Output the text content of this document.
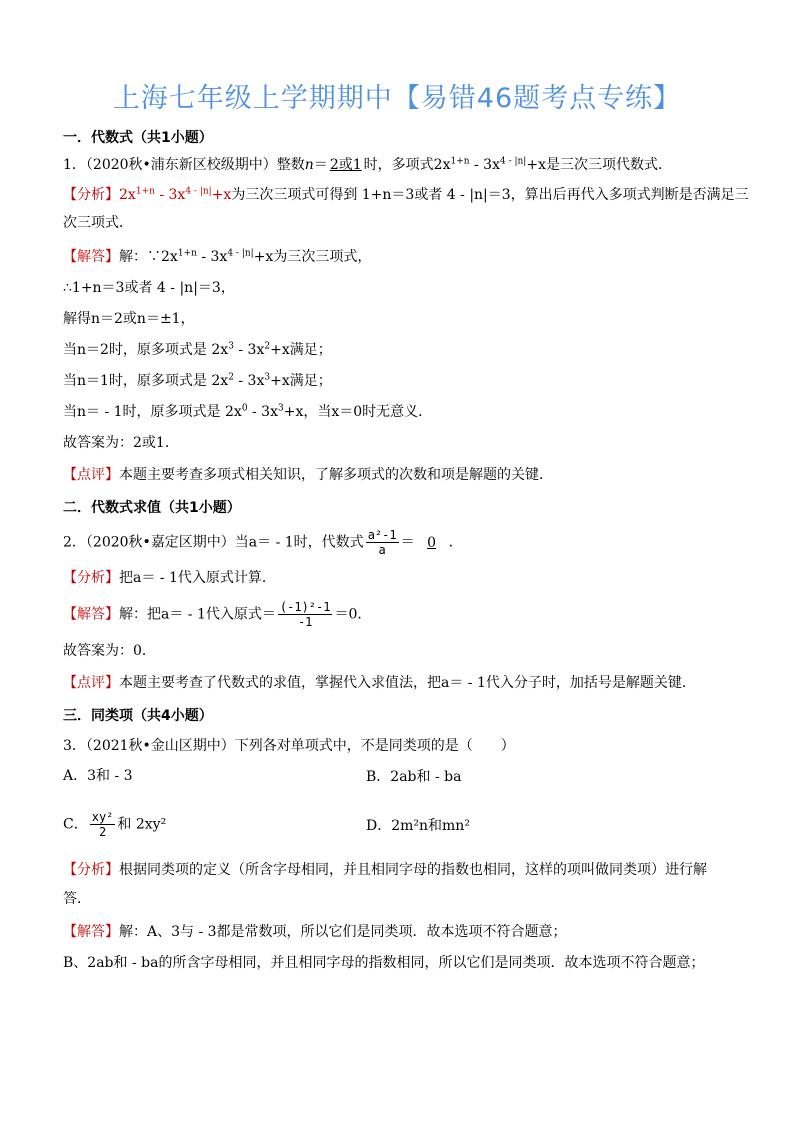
上海七年级上学期期中【易错46题考点专练】
一．代数式（共1小题）
1．（2020秋•浦东新区校级期中）整数n＝ 2或1 时，多项式$2x^{1+n} - 3x^{4 - |n|}+x$是三次三项代数式．
【分析】$2x^{1+n} - 3x^{4 - |n|}+x$为三次三项式可得到 1+n＝3或者 4 - |n|＝3，算出后再代入多项式判断是否满足三
次三项式．
【解答】解：$\because 2x^{1+n} - 3x^{4 - |n|}+x$为三次三项式，
∴1+n＝3或者 4 - |n|＝3，
解得n＝2或n＝±1，
当n＝2时，原多项式是 $2x^3 - 3x^2+x$满足；
当n＝1时，原多项式是 $2x^2 - 3x^3+x$满足；
当n＝ - 1时，原多项式是 $2x^0 - 3x^3+x$，当x＝0时无意义．
故答案为：2或1．
【点评】本题主要考查多项式相关知识，了解多项式的次数和项是解题的关键．
二．代数式求值（共1小题）
2．（2020秋•嘉定区期中）当a＝ - 1时，代数式 $\frac{\text{a²-1}}{a} = 0$ ．
【分析】把a＝ - 1代入原式计算．
【解答】解：把a＝ - 1代入原式＝ $\frac{\text{(-1)²-1}}{-1} =0$．
故答案为：0．
【点评】本题主要考查了代数式的求值，掌握代入求值法，把a＝ - 1代入分子时，加括号是解题关键．
三．同类项（共4小题）
3．（2021秋•金山区期中）下列各对单项式中，不是同类项的是（　　）
A．3和 - 3	B．2ab和 - ba
C． $\frac{\text{xy²}}{2}$ 和 2xy²	D．2m²n和mn²
【分析】根据同类项的定义（所含字母相同，并且相同字母的指数也相同，这样的项叫做同类项）进行解
答．
【解答】解：A、3与 - 3都是常数项，所以它们是同类项．故本选项不符合题意；
B、2ab和 - ba的所含字母相同，并且相同字母的指数相同，所以它们是同类项．故本选项不符合题意；
